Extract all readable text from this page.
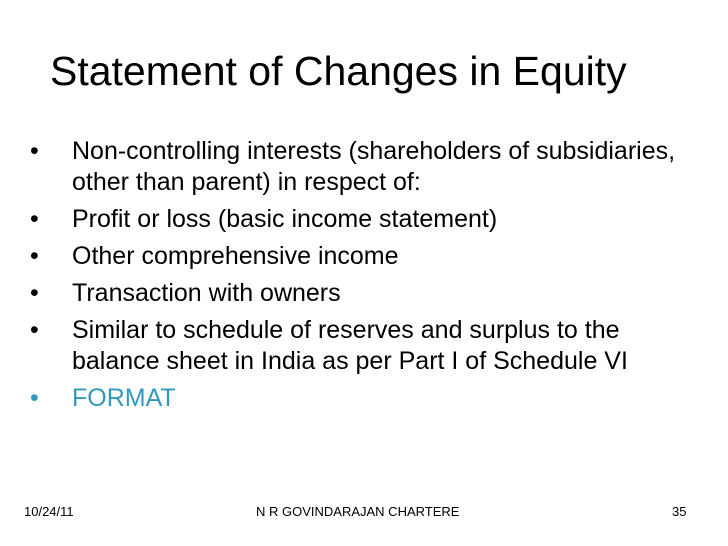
Statement of Changes in Equity
•	Non-controlling interests (shareholders of subsidiaries, other than parent) in respect of:
•	Profit or loss (basic income statement)
•	Other comprehensive income
•	Transaction with owners
•	Similar to schedule of reserves and surplus to the balance sheet in India as per Part I of Schedule VI
•	FORMAT
10/24/11	N R GOVINDARAJAN CHARTERE	35
